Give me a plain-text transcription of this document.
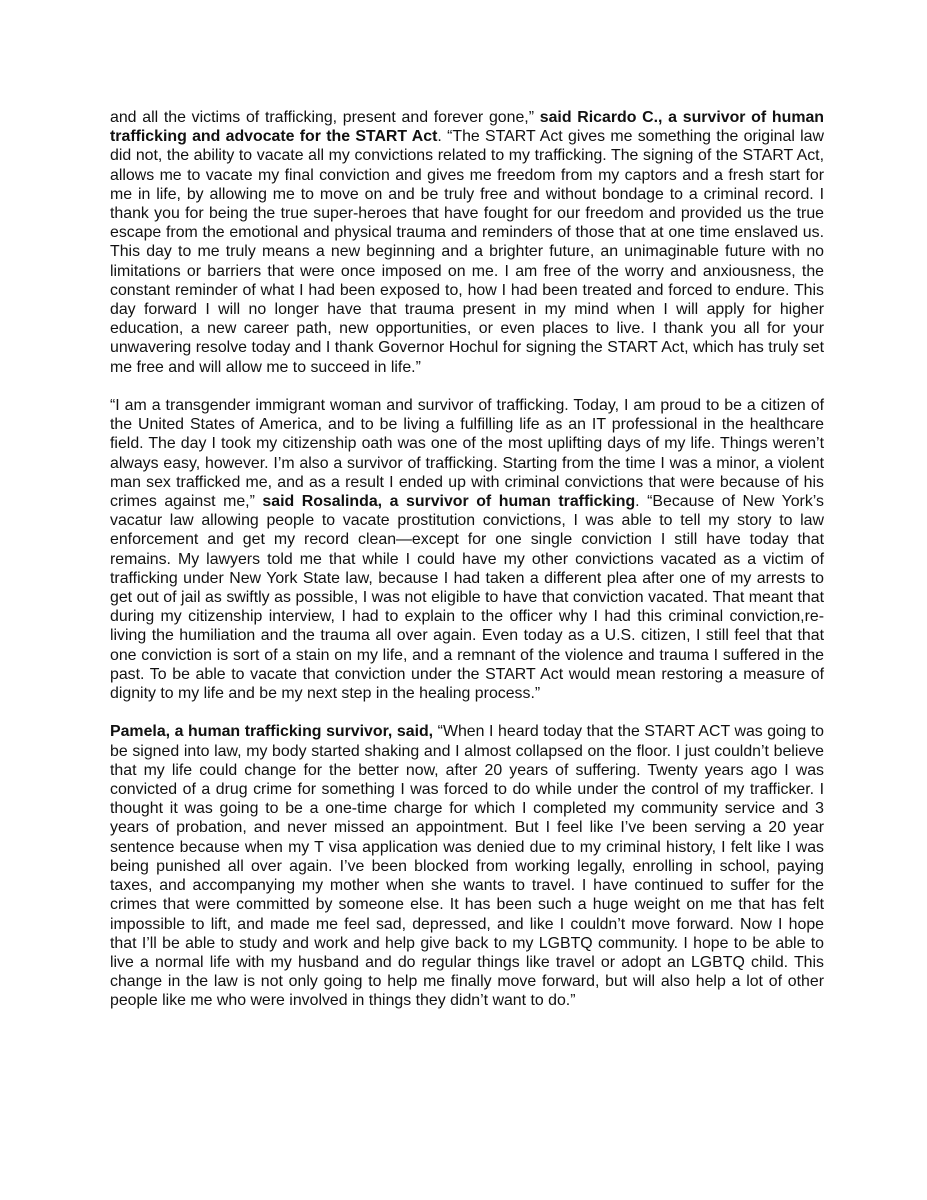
and all the victims of trafficking, present and forever gone,” said Ricardo C., a survivor of human trafficking and advocate for the START Act. “The START Act gives me something the original law did not, the ability to vacate all my convictions related to my trafficking. The signing of the START Act, allows me to vacate my final conviction and gives me freedom from my captors and a fresh start for me in life, by allowing me to move on and be truly free and without bondage to a criminal record. I thank you for being the true super-heroes that have fought for our freedom and provided us the true escape from the emotional and physical trauma and reminders of those that at one time enslaved us. This day to me truly means a new beginning and a brighter future, an unimaginable future with no limitations or barriers that were once imposed on me. I am free of the worry and anxiousness, the constant reminder of what I had been exposed to, how I had been treated and forced to endure. This day forward I will no longer have that trauma present in my mind when I will apply for higher education, a new career path, new opportunities, or even places to live. I thank you all for your unwavering resolve today and I thank Governor Hochul for signing the START Act, which has truly set me free and will allow me to succeed in life.”

“I am a transgender immigrant woman and survivor of trafficking. Today, I am proud to be a citizen of the United States of America, and to be living a fulfilling life as an IT professional in the healthcare field. The day I took my citizenship oath was one of the most uplifting days of my life. Things weren’t always easy, however. I’m also a survivor of trafficking. Starting from the time I was a minor, a violent man sex trafficked me, and as a result I ended up with criminal convictions that were because of his crimes against me,” said Rosalinda, a survivor of human trafficking. “Because of New York’s vacatur law allowing people to vacate prostitution convictions, I was able to tell my story to law enforcement and get my record clean—except for one single conviction I still have today that remains. My lawyers told me that while I could have my other convictions vacated as a victim of trafficking under New York State law, because I had taken a different plea after one of my arrests to get out of jail as swiftly as possible, I was not eligible to have that conviction vacated. That meant that during my citizenship interview, I had to explain to the officer why I had this criminal conviction,re-living the humiliation and the trauma all over again. Even today as a U.S. citizen, I still feel that that one conviction is sort of a stain on my life, and a remnant of the violence and trauma I suffered in the past. To be able to vacate that conviction under the START Act would mean restoring a measure of dignity to my life and be my next step in the healing process.”

Pamela, a human trafficking survivor, said, “When I heard today that the START ACT was going to be signed into law, my body started shaking and I almost collapsed on the floor. I just couldn’t believe that my life could change for the better now, after 20 years of suffering. Twenty years ago I was convicted of a drug crime for something I was forced to do while under the control of my trafficker. I thought it was going to be a one-time charge for which I completed my community service and 3 years of probation, and never missed an appointment. But I feel like I’ve been serving a 20 year sentence because when my T visa application was denied due to my criminal history, I felt like I was being punished all over again. I’ve been blocked from working legally, enrolling in school, paying taxes, and accompanying my mother when she wants to travel. I have continued to suffer for the crimes that were committed by someone else. It has been such a huge weight on me that has felt impossible to lift, and made me feel sad, depressed, and like I couldn’t move forward. Now I hope that I’ll be able to study and work and help give back to my LGBTQ community. I hope to be able to live a normal life with my husband and do regular things like travel or adopt an LGBTQ child. This change in the law is not only going to help me finally move forward, but will also help a lot of other people like me who were involved in things they didn’t want to do.”
